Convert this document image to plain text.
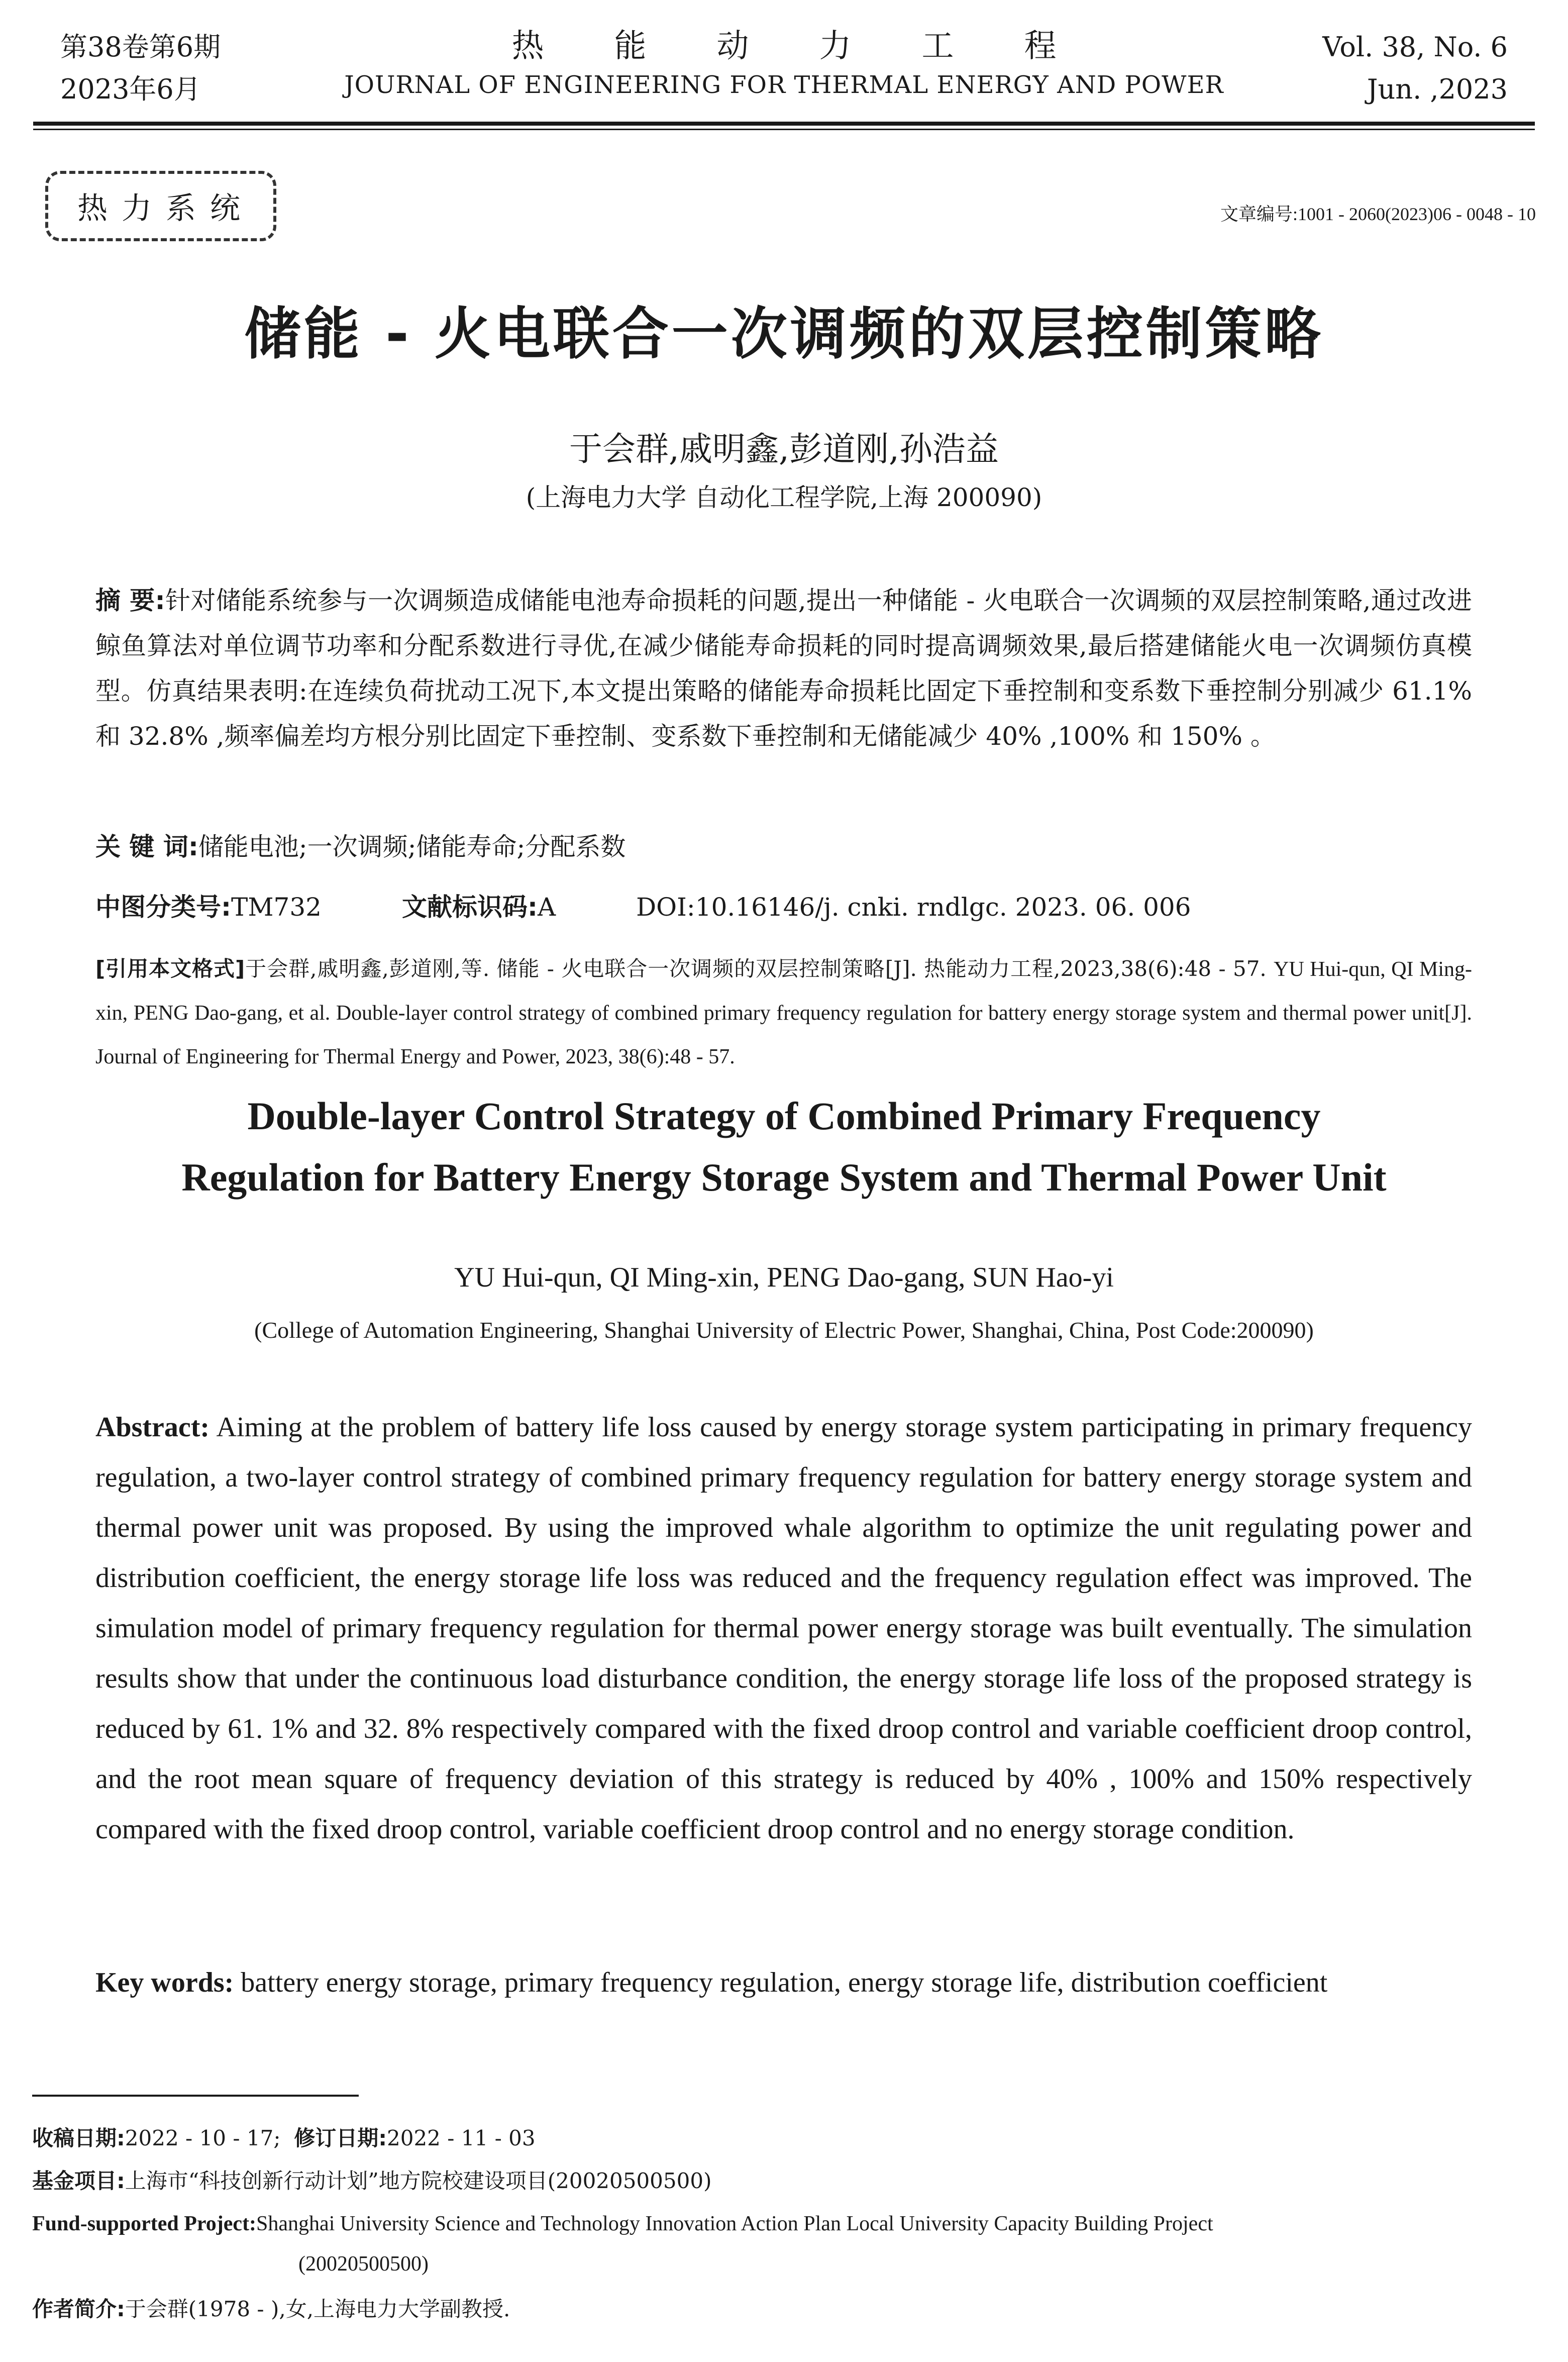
第38卷第6期
2023年6月
热能动力工程
JOURNAL OF ENGINEERING FOR THERMAL ENERGY AND POWER
Vol. 38, No. 6
Jun. ,2023
热力系统	文章编号:1001 - 2060(2023)06 - 0048 - 10
储能 - 火电联合一次调频的双层控制策略
于会群,戚明鑫,彭道刚,孙浩益
(上海电力大学 自动化工程学院,上海 200090)
摘 要:针对储能系统参与一次调频造成储能电池寿命损耗的问题,提出一种储能 - 火电联合一次调频的双层控制策略,通过改进鲸鱼算法对单位调节功率和分配系数进行寻优,在减少储能寿命损耗的同时提高调频效果,最后搭建储能火电一次调频仿真模型。仿真结果表明:在连续负荷扰动工况下,本文提出策略的储能寿命损耗比固定下垂控制和变系数下垂控制分别减少 61.1% 和 32.8% ,频率偏差均方根分别比固定下垂控制、变系数下垂控制和无储能减少 40% ,100% 和 150% 。
关 键 词:储能电池;一次调频;储能寿命;分配系数
中图分类号:TM732	文献标识码:A	DOI:10.16146/j. cnki. rndlgc. 2023. 06. 006
[引用本文格式]于会群,戚明鑫,彭道刚,等. 储能 - 火电联合一次调频的双层控制策略[J]. 热能动力工程,2023,38(6):48 - 57. YU Hui-qun, QI Ming-xin, PENG Dao-gang, et al. Double-layer control strategy of combined primary frequency regulation for battery energy storage system and thermal power unit[J]. Journal of Engineering for Thermal Energy and Power, 2023, 38(6):48 - 57.
Double-layer Control Strategy of Combined Primary Frequency
Regulation for Battery Energy Storage System and Thermal Power Unit
YU Hui-qun, QI Ming-xin, PENG Dao-gang, SUN Hao-yi
(College of Automation Engineering, Shanghai University of Electric Power, Shanghai, China, Post Code:200090)
Abstract: Aiming at the problem of battery life loss caused by energy storage system participating in primary frequency regulation, a two-layer control strategy of combined primary frequency regulation for battery energy storage system and thermal power unit was proposed. By using the improved whale algorithm to optimize the unit regulating power and distribution coefficient, the energy storage life loss was reduced and the frequency regulation effect was improved. The simulation model of primary frequency regulation for thermal power energy storage was built eventually. The simulation results show that under the continuous load disturbance condition, the energy storage life loss of the proposed strategy is reduced by 61. 1% and 32. 8% respectively compared with the fixed droop control and variable coefficient droop control, and the root mean square of frequency deviation of this strategy is reduced by 40% , 100% and 150% respectively compared with the fixed droop control, variable coefficient droop control and no energy storage condition.
Key words: battery energy storage, primary frequency regulation, energy storage life, distribution coefficient
收稿日期:2022 - 10 - 17; 修订日期:2022 - 11 - 03
基金项目:上海市“科技创新行动计划”地方院校建设项目(20020500500)
Fund-supported Project:Shanghai University Science and Technology Innovation Action Plan Local University Capacity Building Project
(20020500500)
作者简介:于会群(1978 - ),女,上海电力大学副教授.
